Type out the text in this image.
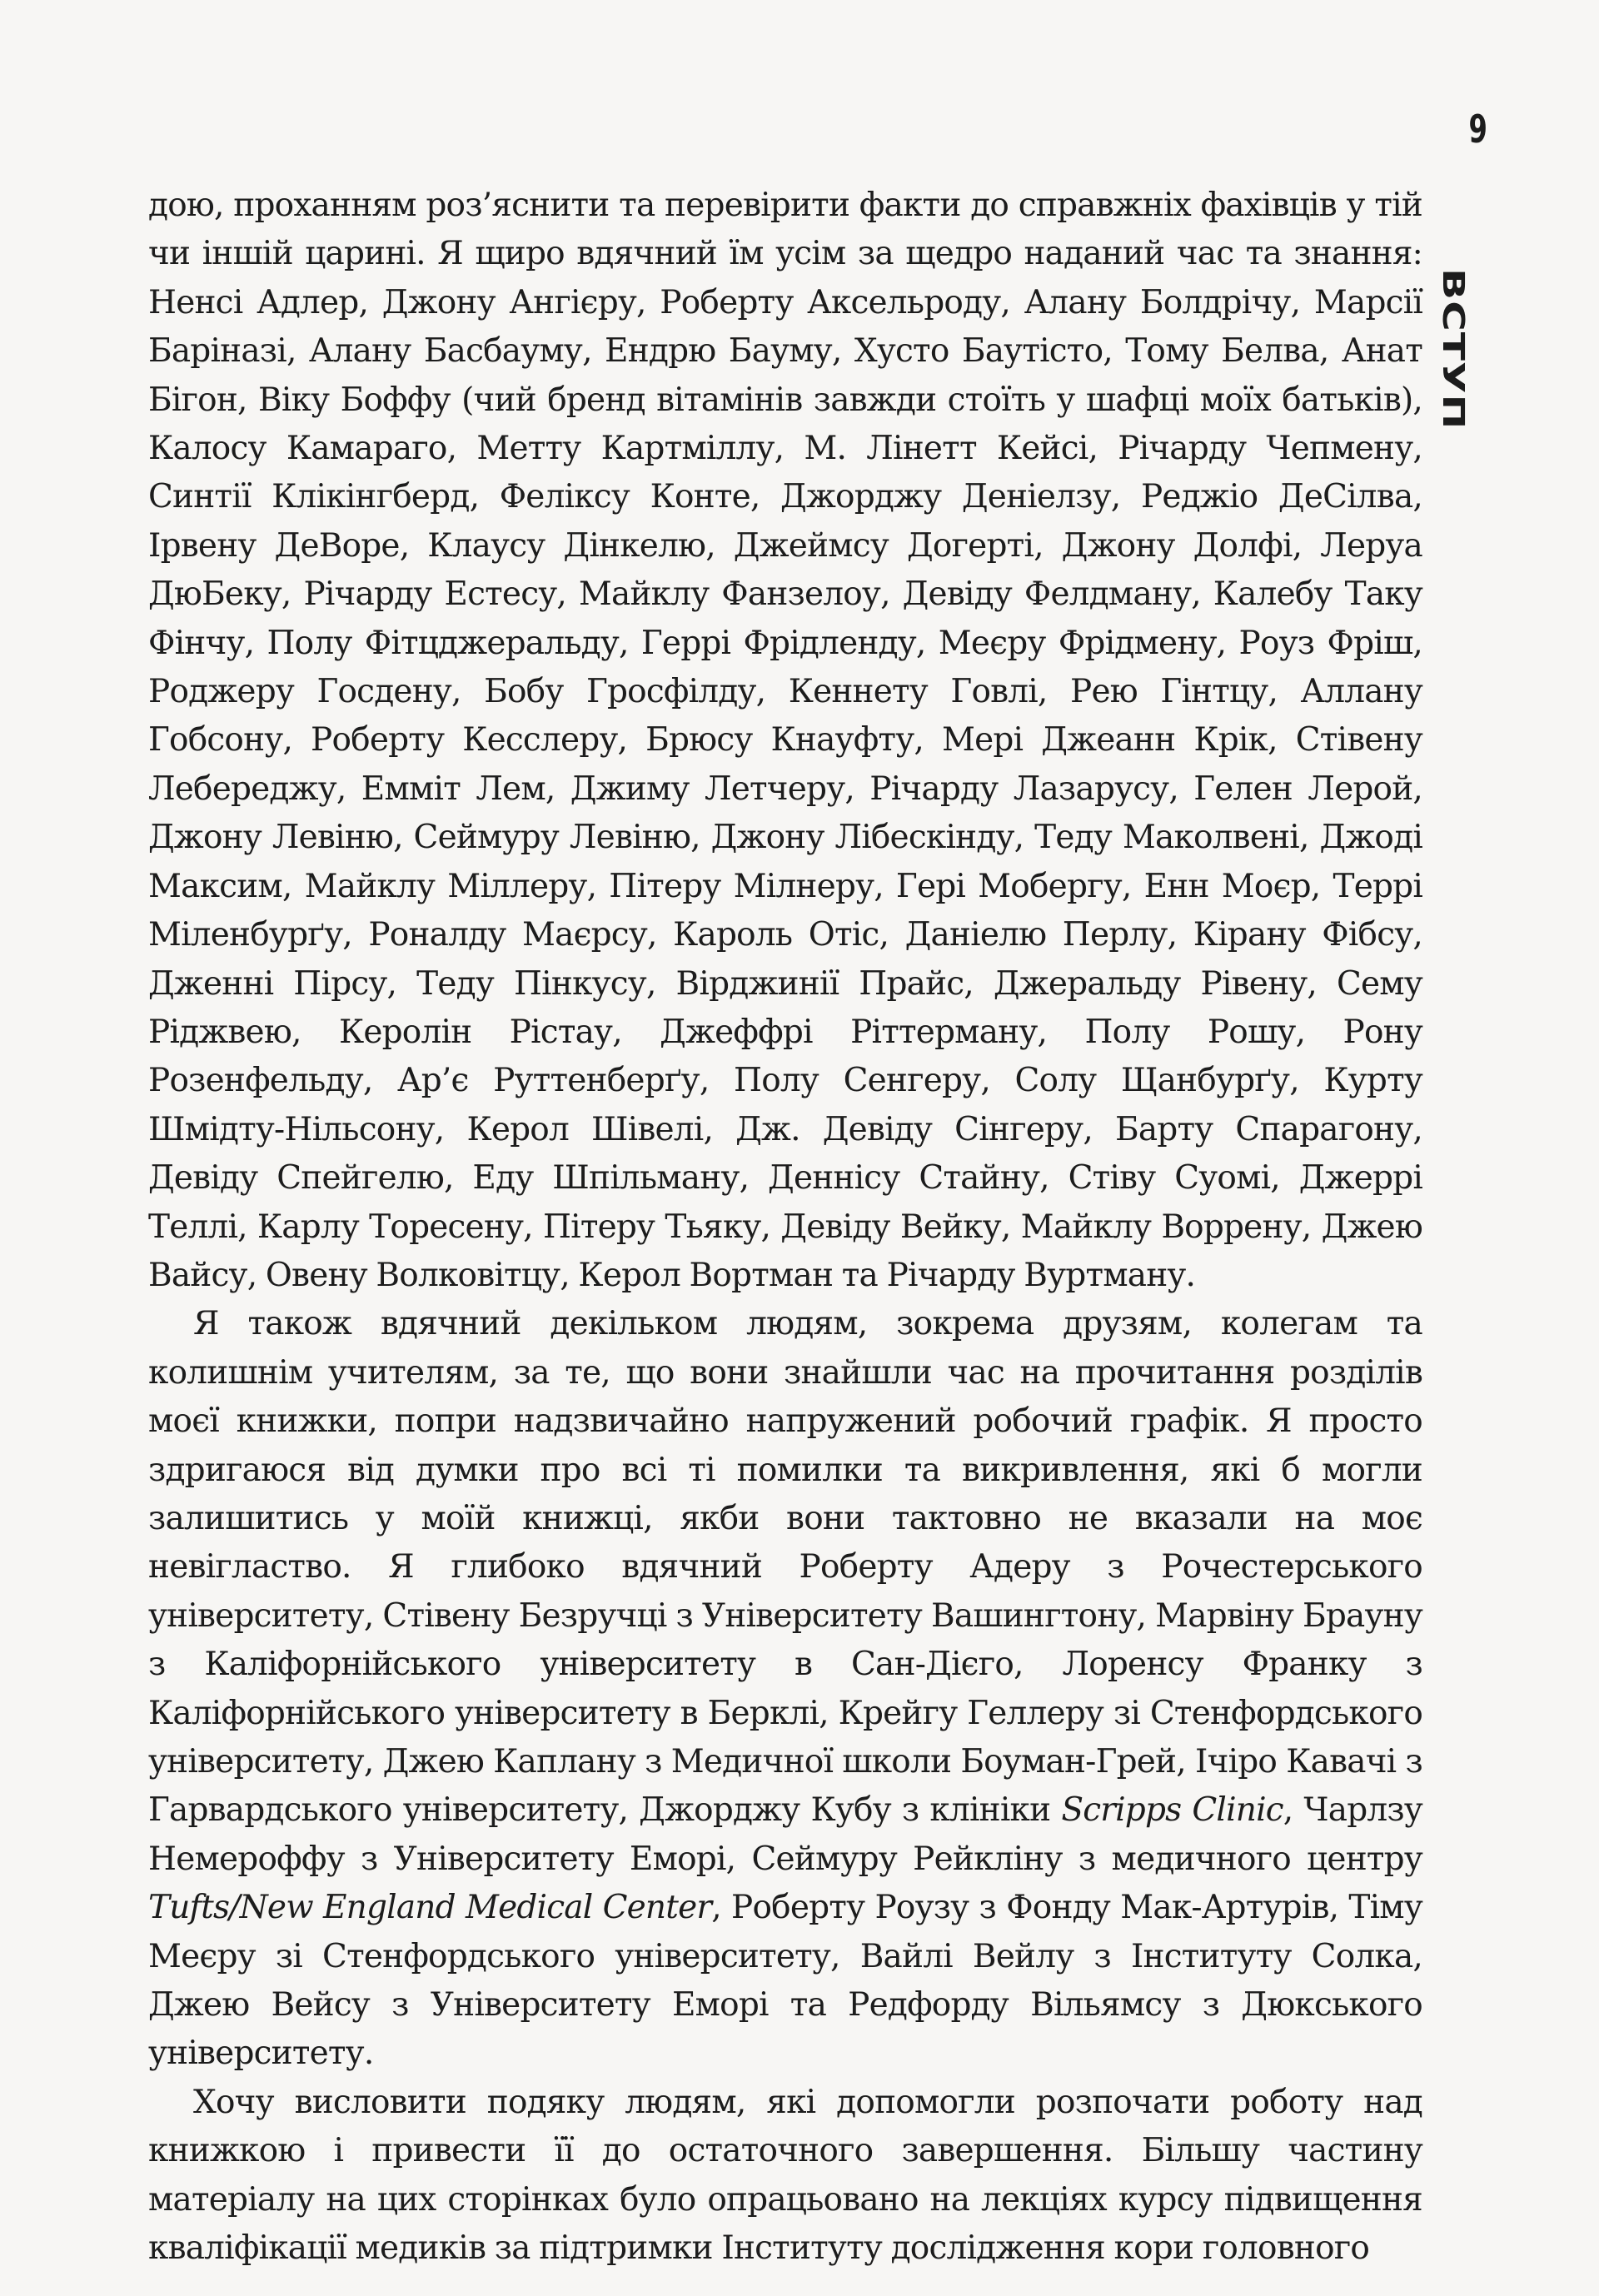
9
ВСТУП

дою, проханням роз’яснити та перевірити факти до справжніх фахівців у тій чи іншій царині. Я щиро вдячний їм усім за щедро наданий час та знання: Ненсі Адлер, Джону Ангієру, Роберту Аксельроду, Алану Болдрічу, Марсії Баріназі, Алану Басбауму, Ендрю Бауму, Хусто Баутісто, Тому Белва, Анат Бігон, Віку Боффу (чий бренд вітамінів завжди стоїть у шафці моїх батьків), Калосу Камараго, Метту Картміллу, М. Лінетт Кейсі, Річарду Чепмену, Синтії Клікінгберд, Феліксу Конте, Джорджу Деніелзу, Реджіо ДеСілва, Ірвену ДеВоре, Клаусу Дінкелю, Джеймсу Догерті, Джону Долфі, Леруа ДюБеку, Річарду Естесу, Майклу Фанзелоу, Девіду Фелдману, Калебу Таку Фінчу, Полу Фітцджеральду, Геррі Фрідленду, Меєру Фрідмену, Роуз Фріш, Роджеру Госдену, Бобу Гросфілду, Кеннету Говлі, Рею Гінтцу, Аллану Гобсону, Роберту Кесслеру, Брюсу Кнауфту, Мері Джеанн Крік, Стівену Лебереджу, Емміт Лем, Джиму Летчеру, Річарду Лазарусу, Гелен Лерой, Джону Левіню, Сеймуру Левіню, Джону Лібескінду, Теду Маколвені, Джоді Максим, Майклу Міллеру, Пітеру Мілнеру, Гері Мобергу, Енн Моєр, Террі Міленбурґу, Роналду Маєрсу, Кароль Отіс, Даніелю Перлу, Кірану Фібсу, Дженні Пірсу, Теду Пінкусу, Вірджинії Прайс, Джеральду Рівену, Сему Ріджвею, Керолін Рістау, Джеффрі Ріттерману, Полу Рошу, Рону Розенфельду, Ар’є Руттенберґу, Полу Сенгеру, Солу Щанбурґу, Курту Шмідту-Нільсону, Керол Шівелі, Дж. Девіду Сінгеру, Барту Спарагону, Девіду Спейгелю, Еду Шпільману, Деннісу Стайну, Стіву Суомі, Джеррі Теллі, Карлу Торесену, Пітеру Тьяку, Девіду Вейку, Майклу Воррену, Джею Вайсу, Овену Волковітцу, Керол Вортман та Річарду Вуртману.

Я також вдячний декільком людям, зокрема друзям, колегам та колишнім учителям, за те, що вони знайшли час на прочитання розділів моєї книжки, попри надзвичайно напружений робочий графік. Я просто здригаюся від думки про всі ті помилки та викривлення, які б могли залишитись у моїй книжці, якби вони тактовно не вказали на моє невігластво. Я глибоко вдячний Роберту Адеру з Рочестерського університету, Стівену Безручці з Університету Вашингтону, Марвіну Брауну з Каліфорнійського університету в Сан-Дієго, Лоренсу Франку з Каліфорнійського університету в Берклі, Крейгу Геллеру зі Стенфордського університету, Джею Каплану з Медичної школи Боуман-Грей, Ічіро Кавачі з Гарвардського університету, Джорджу Кубу з клініки Scripps Clinic, Чарлзу Немероффу з Університету Еморі, Сеймуру Рейкліну з медичного центру Tufts/New England Medical Center, Роберту Роузу з Фонду Мак-Артурів, Тіму Меєру зі Стенфордського університету, Вайлі Вейлу з Інституту Солка, Джею Вейсу з Університету Еморі та Редфорду Вільямсу з Дюкського університету.

Хочу висловити подяку людям, які допомогли розпочати роботу над книжкою і привести її до остаточного завершення. Більшу частину матеріалу на цих сторінках було опрацьовано на лекціях курсу підвищення кваліфікації медиків за підтримки Інституту дослідження кори головного
